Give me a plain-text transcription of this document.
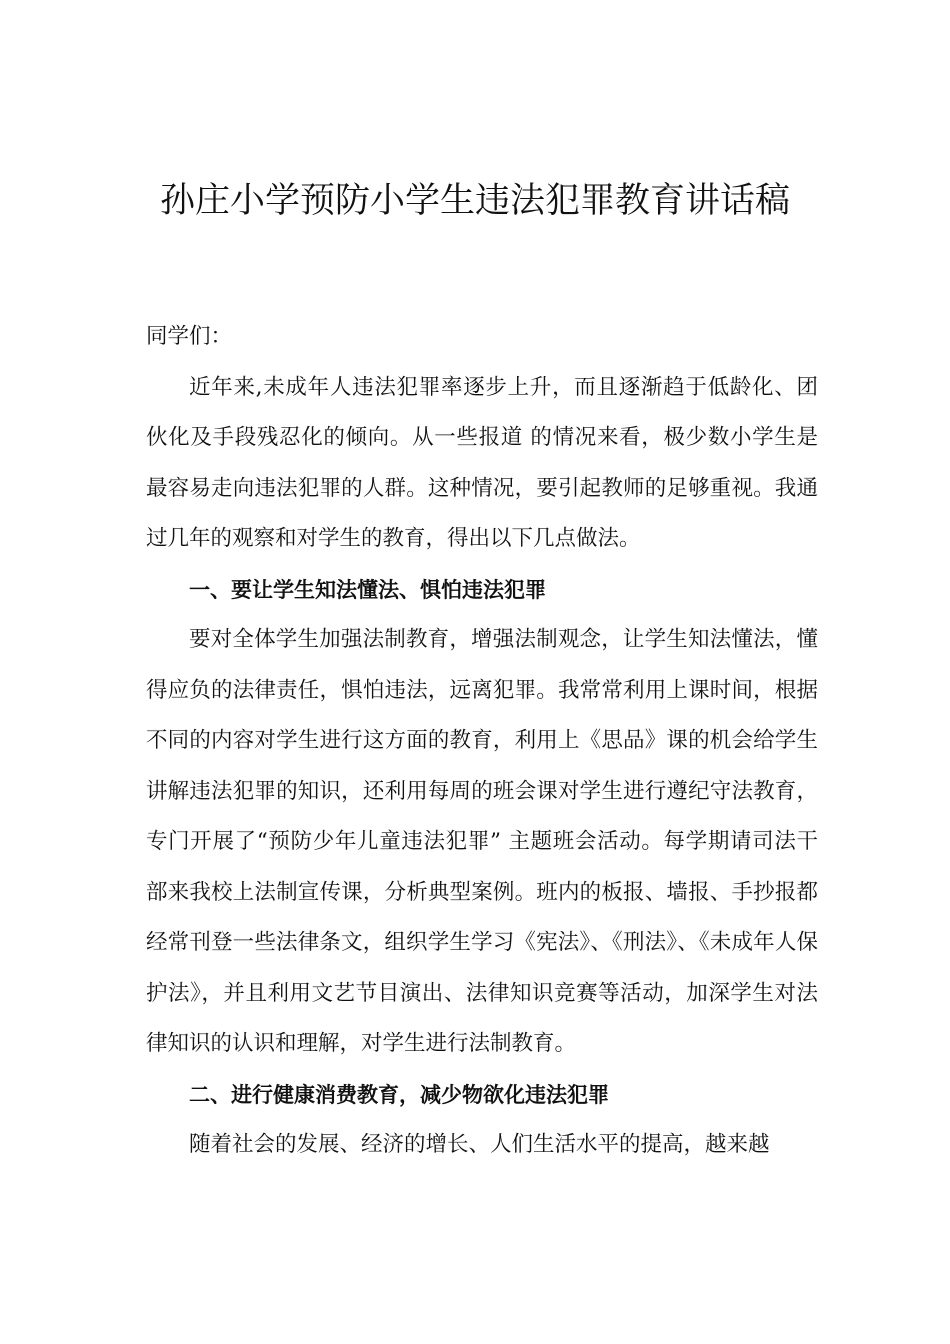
孙庄小学预防小学生违法犯罪教育讲话稿

同学们：

近年来,未成年人违法犯罪率逐步上升，而且逐渐趋于低龄化、团伙化及手段残忍化的倾向。从一些报道 的情况来看，极少数小学生是最容易走向违法犯罪的人群。这种情况，要引起教师的足够重视。我通过几年的观察和对学生的教育，得出以下几点做法。

一、要让学生知法懂法、惧怕违法犯罪

要对全体学生加强法制教育，增强法制观念，让学生知法懂法，懂得应负的法律责任，惧怕违法，远离犯罪。我常常利用上课时间，根据不同的内容对学生进行这方面的教育，利用上《思品》课的机会给学生讲解违法犯罪的知识，还利用每周的班会课对学生进行遵纪守法教育，专门开展了“预防少年儿童违法犯罪” 主题班会活动。每学期请司法干部来我校上法制宣传课，分析典型案例。班内的板报、墙报、手抄报都经常刊登一些法律条文，组织学生学习《宪法》、《刑法》、《未成年人保护法》，并且利用文艺节目演出、法律知识竞赛等活动，加深学生对法律知识的认识和理解，对学生进行法制教育。

二、进行健康消费教育，减少物欲化违法犯罪

随着社会的发展、经济的增长、人们生活水平的提高，越来越
